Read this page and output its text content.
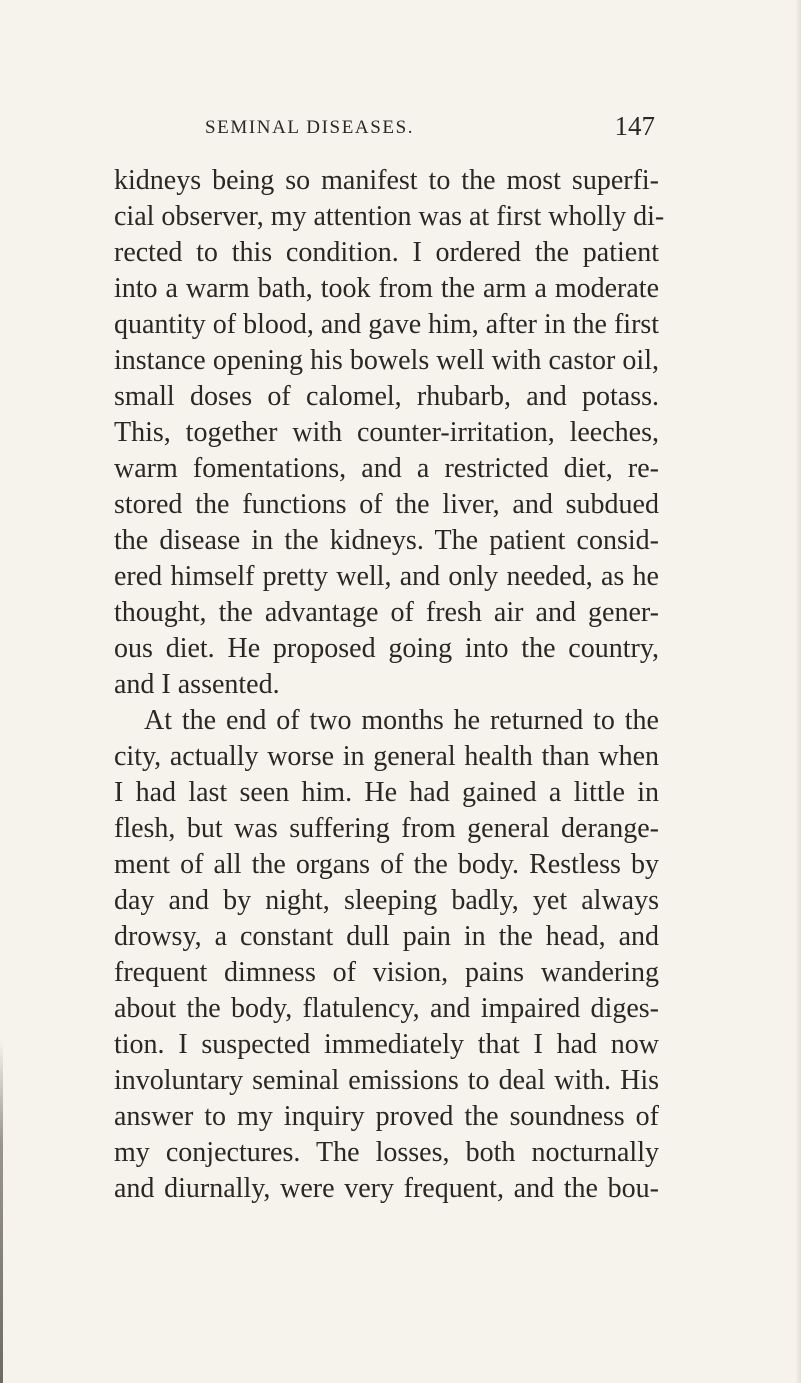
SEMINAL DISEASES.	147
kidneys being so manifest to the most superfi-
cial observer, my attention was at first wholly di-
rected to this condition. I ordered the patient
into a warm bath, took from the arm a moderate
quantity of blood, and gave him, after in the first
instance opening his bowels well with castor oil,
small doses of calomel, rhubarb, and potass.
This, together with counter-irritation, leeches,
warm fomentations, and a restricted diet, re-
stored the functions of the liver, and subdued
the disease in the kidneys. The patient consid-
ered himself pretty well, and only needed, as he
thought, the advantage of fresh air and gener-
ous diet. He proposed going into the country,
and I assented.
At the end of two months he returned to the
city, actually worse in general health than when
I had last seen him. He had gained a little in
flesh, but was suffering from general derange-
ment of all the organs of the body. Restless by
day and by night, sleeping badly, yet always
drowsy, a constant dull pain in the head, and
frequent dimness of vision, pains wandering
about the body, flatulency, and impaired diges-
tion. I suspected immediately that I had now
involuntary seminal emissions to deal with. His
answer to my inquiry proved the soundness of
my conjectures. The losses, both nocturnally
and diurnally, were very frequent, and the bou-
